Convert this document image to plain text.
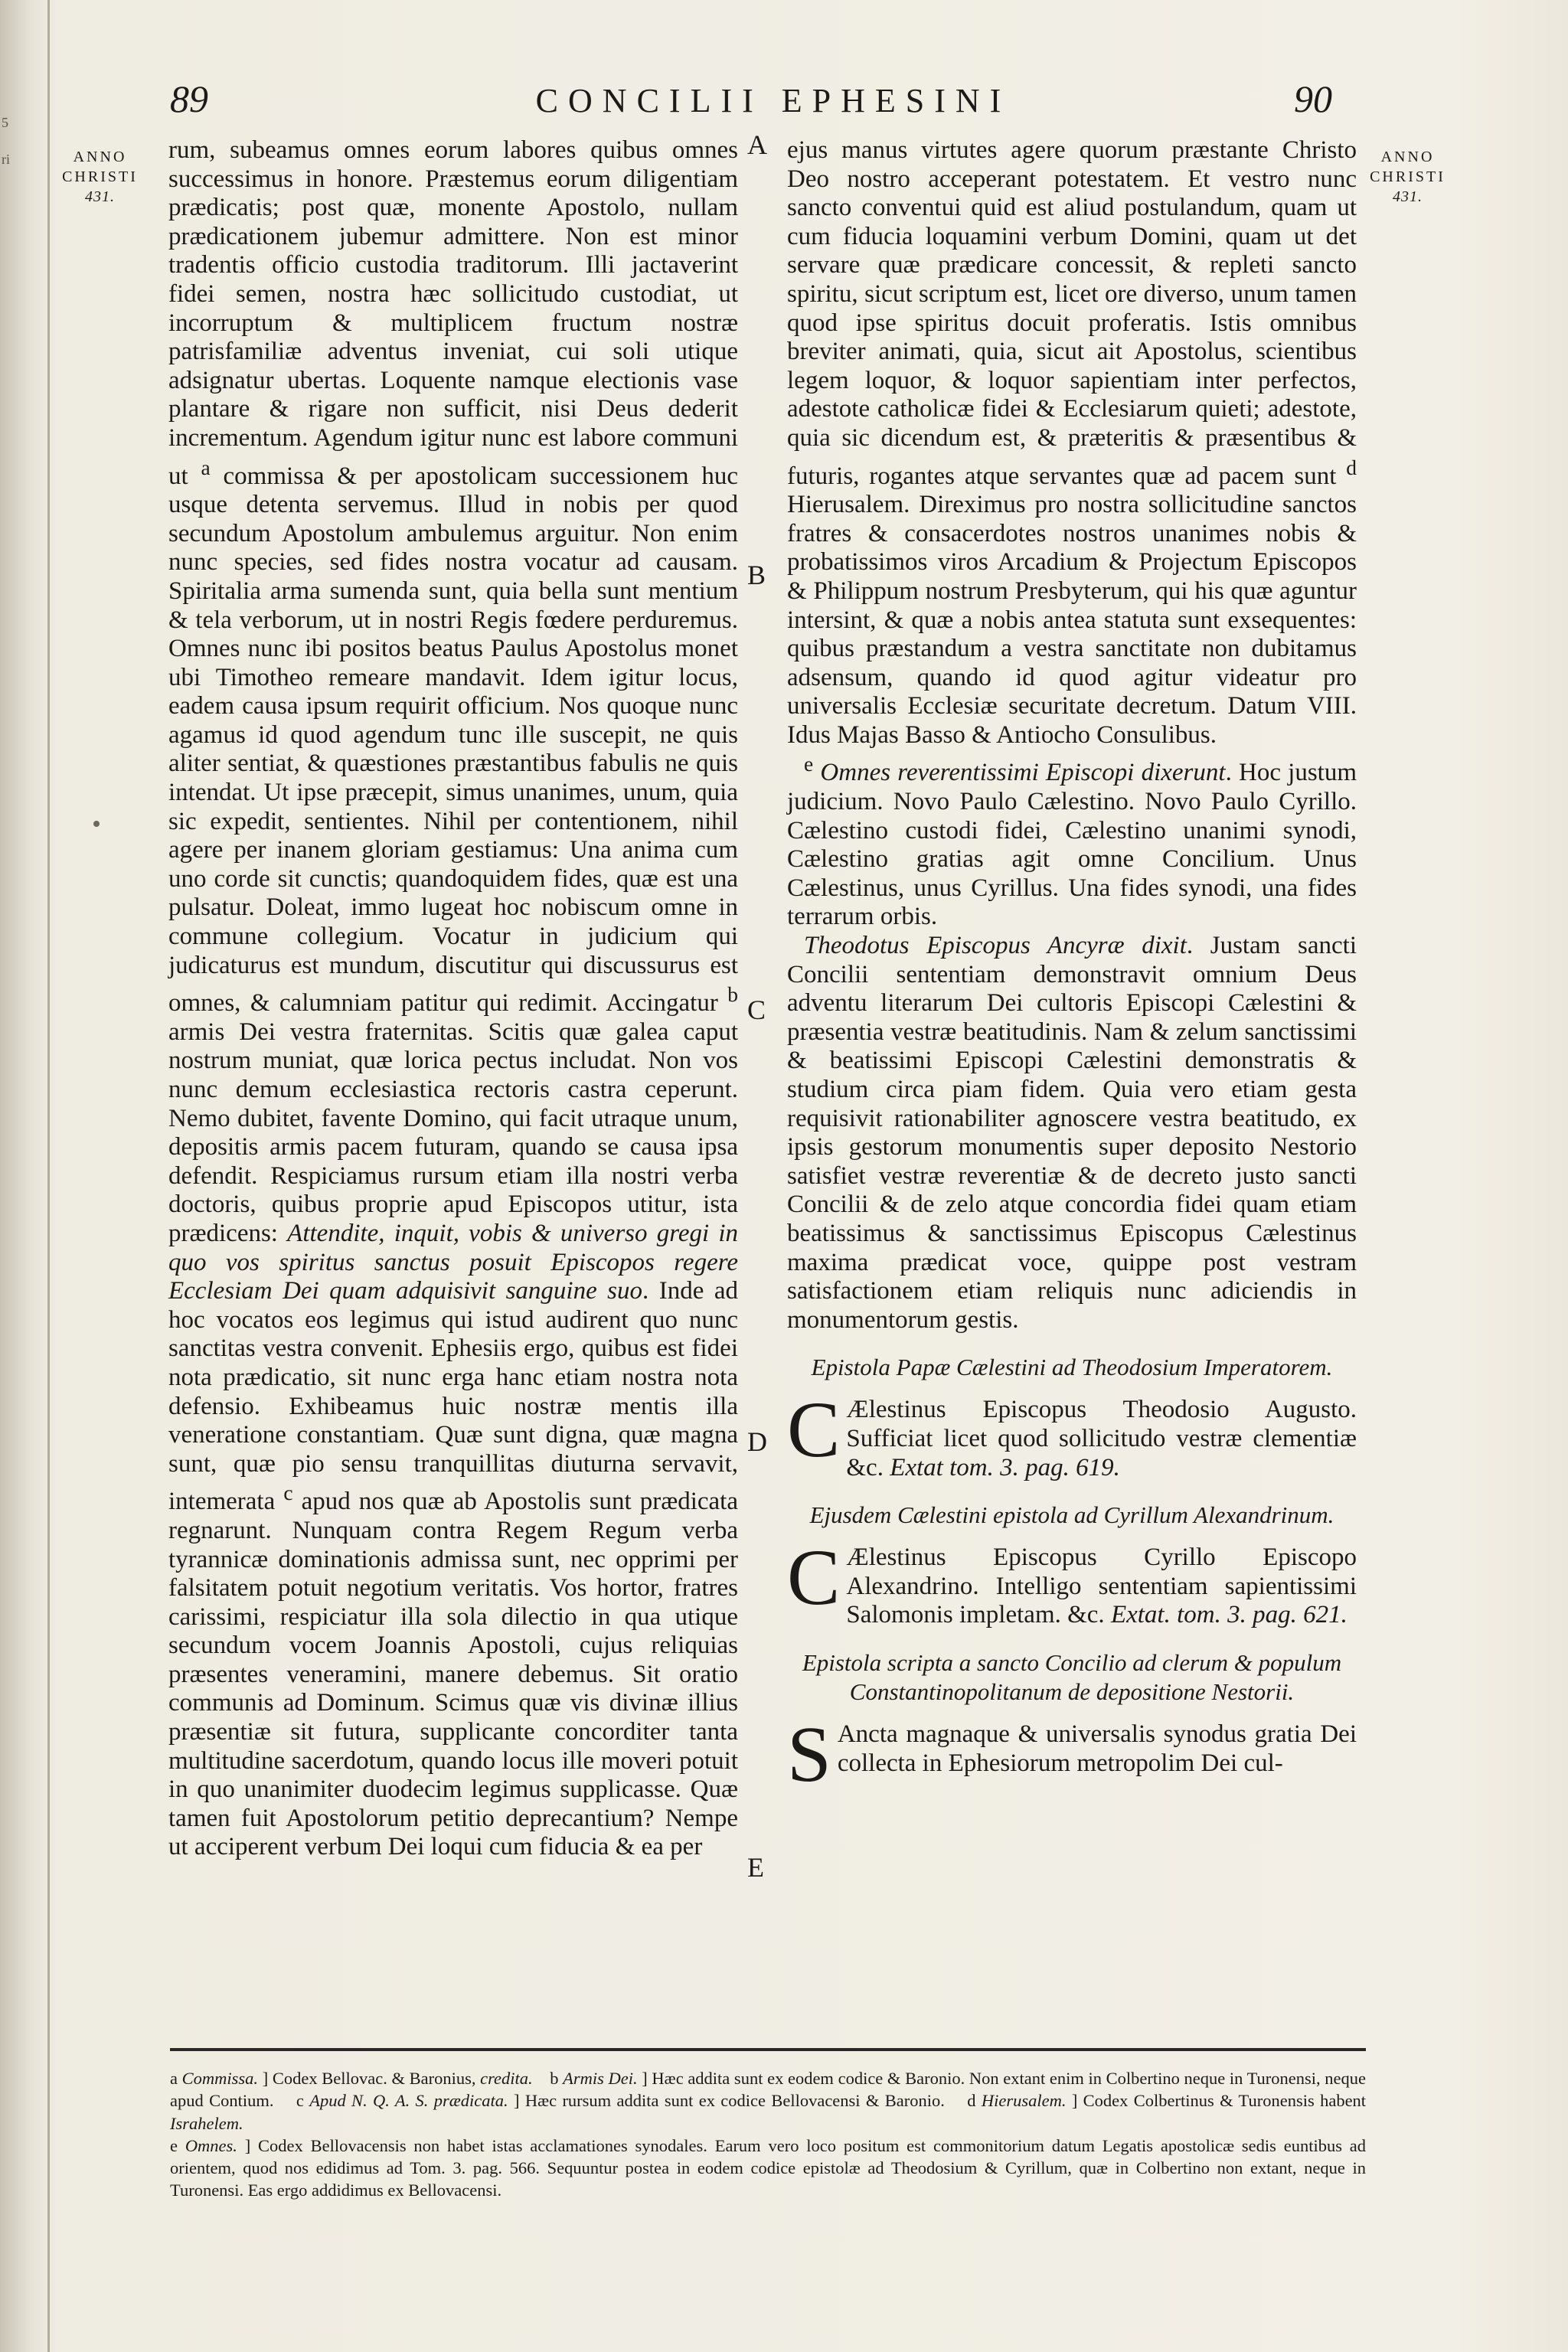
5
ri
89	CONCILII EPHESINI	90
ANNO
CHRISTI
431.
ANNO
CHRISTI
431.
A
B
C
D
E

rum, subeamus omnes eorum labores quibus omnes successimus in honore. Præstemus eorum diligentiam prædicatis; post quæ, monente Apostolo, nullam prædicationem jubemur admittere. Non est minor tradentis officio custodia traditorum. Illi jactaverint fidei semen, nostra hæc sollicitudo custodiat, ut incorruptum & multiplicem fructum nostræ patrisfamiliæ adventus inveniat, cui soli utique adsignatur ubertas. Loquente namque electionis vase plantare & rigare non sufficit, nisi Deus dederit incrementum. Agendum igitur nunc est labore communi ut $^a$ commissa & per apostolicam successionem huc usque detenta servemus. Illud in nobis per quod secundum Apostolum ambulemus arguitur. Non enim nunc species, sed fides nostra vocatur ad causam. Spiritalia arma sumenda sunt, quia bella sunt mentium & tela verborum, ut in nostri Regis fœdere perduremus. Omnes nunc ibi positos beatus Paulus Apostolus monet ubi Timotheo remeare mandavit. Idem igitur locus, eadem causa ipsum requirit officium. Nos quoque nunc agamus id quod agendum tunc ille suscepit, ne quis aliter sentiat, & quæstiones præstantibus fabulis ne quis intendat. Ut ipse præcepit, simus unanimes, unum, quia sic expedit, sentientes. Nihil per contentionem, nihil agere per inanem gloriam gestiamus: Una anima cum uno corde sit cunctis; quandoquidem fides, quæ est una pulsatur. Doleat, immo lugeat hoc nobiscum omne in commune collegium. Vocatur in judicium qui judicaturus est mundum, discutitur qui discussurus est omnes, & calumniam patitur qui redimit. Accingatur $^b$ armis Dei vestra fraternitas. Scitis quæ galea caput nostrum muniat, quæ lorica pectus includat. Non vos nunc demum ecclesiastica rectoris castra ceperunt. Nemo dubitet, favente Domino, qui facit utraque unum, depositis armis pacem futuram, quando se causa ipsa defendit. Respiciamus rursum etiam illa nostri verba doctoris, quibus proprie apud Episcopos utitur, ista prædicens: Attendite, inquit, vobis & universo gregi in quo vos spiritus sanctus posuit Episcopos regere Ecclesiam Dei quam adquisivit sanguine suo. Inde ad hoc vocatos eos legimus qui istud audirent quo nunc sanctitas vestra convenit. Ephesiis ergo, quibus est fidei nota prædicatio, sit nunc erga hanc etiam nostra nota defensio. Exhibeamus huic nostræ mentis illa veneratione constantiam. Quæ sunt digna, quæ magna sunt, quæ pio sensu tranquillitas diuturna servavit, intemerata $^c$ apud nos quæ ab Apostolis sunt prædicata regnarunt. Nunquam contra Regem Regum verba tyrannicæ dominationis admissa sunt, nec opprimi per falsitatem potuit negotium veritatis. Vos hortor, fratres carissimi, respiciatur illa sola dilectio in qua utique secundum vocem Joannis Apostoli, cujus reliquias præsentes veneramini, manere debemus. Sit oratio communis ad Dominum. Scimus quæ vis divinæ illius præsentiæ sit futura, supplicante concorditer tanta multitudine sacerdotum, quando locus ille moveri potuit in quo unanimiter duodecim legimus supplicasse. Quæ tamen fuit Apostolorum petitio deprecantium? Nempe ut acciperent verbum Dei loqui cum fiducia & ea per

ejus manus virtutes agere quorum præstante Christo Deo nostro acceperant potestatem. Et vestro nunc sancto conventui quid est aliud postulandum, quam ut cum fiducia loquamini verbum Domini, quam ut det servare quæ prædicare concessit, & repleti sancto spiritu, sicut scriptum est, licet ore diverso, unum tamen quod ipse spiritus docuit proferatis. Istis omnibus breviter animati, quia, sicut ait Apostolus, scientibus legem loquor, & loquor sapientiam inter perfectos, adestote catholicæ fidei & Ecclesiarum quieti; adestote, quia sic dicendum est, & præteritis & præsentibus & futuris, rogantes atque servantes quæ ad pacem sunt $^d$ Hierusalem. Direximus pro nostra sollicitudine sanctos fratres & consacerdotes nostros unanimes nobis & probatissimos viros Arcadium & Projectum Episcopos & Philippum nostrum Presbyterum, qui his quæ aguntur intersint, & quæ a nobis antea statuta sunt exsequentes: quibus præstandum a vestra sanctitate non dubitamus adsensum, quando id quod agitur videatur pro universalis Ecclesiæ securitate decretum. Datum VIII. Idus Majas Basso & Antiocho Consulibus.

$^e$ Omnes reverentissimi Episcopi dixerunt. Hoc justum judicium. Novo Paulo Cælestino. Novo Paulo Cyrillo. Cælestino custodi fidei, Cælestino unanimi synodi, Cælestino gratias agit omne Concilium. Unus Cælestinus, unus Cyrillus. Una fides synodi, una fides terrarum orbis.

Theodotus Episcopus Ancyræ dixit. Justam sancti Concilii sententiam demonstravit omnium Deus adventu literarum Dei cultoris Episcopi Cælestini & præsentia vestræ beatitudinis. Nam & zelum sanctissimi & beatissimi Episcopi Cælestini demonstratis & studium circa piam fidem. Quia vero etiam gesta requisivit rationabiliter agnoscere vestra beatitudo, ex ipsis gestorum monumentis super deposito Nestorio satisfiet vestræ reverentiæ & de decreto justo sancti Concilii & de zelo atque concordia fidei quam etiam beatissimus & sanctissimus Episcopus Cælestinus maxima prædicat voce, quippe post vestram satisfactionem etiam reliquis nunc adiciendis in monumentorum gestis.

Epistola Papæ Cælestini ad Theodosium Imperatorem.
C Ælestinus Episcopus Theodosio Augusto. Sufficiat licet quod sollicitudo vestræ clementiæ &c. Extat tom. 3. pag. 619.
Ejusdem Cælestini epistola ad Cyrillum Alexandrinum.
C Ælestinus Episcopus Cyrillo Episcopo Alexandrino. Intelligo sententiam sapientissimi Salomonis impletam. &c. Extat. tom. 3. pag. 621.
Epistola scripta a sancto Concilio ad clerum & populum Constantinopolitanum de depositione Nestorii.
S Ancta magnaque & universalis synodus gratia Dei collecta in Ephesiorum metropolim Dei cul-

a Commissa. ] Codex Bellovac. & Baronius, credita. b Armis Dei. ] Hæc addita sunt ex eodem codice & Baronio. Non extant enim in Colbertino neque in Turonensi, neque apud Contium. c Apud N. Q. A. S. prædicata. ] Hæc rursum addita sunt ex codice Bellovacensi & Baronio. d Hierusalem. ] Codex Colbertinus & Turonensis habent Israhelem.

e Omnes. ] Codex Bellovacensis non habet istas acclamationes synodales. Earum vero loco positum est commonitorium datum Legatis apostolicæ sedis euntibus ad orientem, quod nos edidimus ad Tom. 3. pag. 566. Sequuntur postea in eodem codice epistolæ ad Theodosium & Cyrillum, quæ in Colbertino non extant, neque in Turonensi. Eas ergo addidimus ex Bellovacensi.
